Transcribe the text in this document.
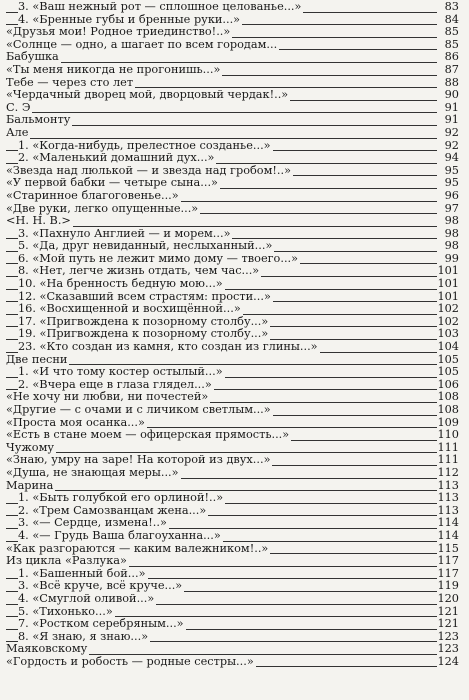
3. «Ваш нежный рот — сплошное целованье...»	83
4. «Бренные губы и бренные руки...»	84
«Друзья мои! Родное триединство!..»	85
«Солнце — одно, а шагает по всем городам...	85
Бабушка	86
«Ты меня никогда не прогонишь...»	87
Тебе — через сто лет	88
«Чердачный дворец мой, дворцовый чердак!..»	90
С. Э	91
Бальмонту	91
Але	92
1. «Когда-нибудь, прелестное созданье...»	92
2. «Маленький домашний дух...»	94
«Звезда над люлькой — и звезда над гробом!..»	95
«У первой бабки — четыре сына...»	95
«Старинное благоговенье...»	96
«Две руки, легко опущенные...»	97
<Н. Н. В.>	98
3. «Пахнуло Англией — и морем...»	98
5. «Да, друг невиданный, неслыханный...»	98
6. «Мой путь не лежит мимо дому — твоего...»	99
8. «Нет, легче жизнь отдать, чем час...»	101
10. «На бренность бедную мою...»	101
12. «Сказавший всем страстям: прости...»	101
16. «Восхищенной и восхищённой...»	102
17. «Пригвождена к позорному столбу...»	102
19. «Пригвождена к позорному столбу...»	103
23. «Кто создан из камня, кто создан из глины...»	104
Две песни	105
1. «И что тому костер остылый...»	105
2. «Вчера еще в глаза глядел...»	106
«Не хочу ни любви, ни почестей»	108
«Другие — с очами и с личиком светлым...»	108
«Проста моя осанка...»	109
«Есть в стане моем — офицерская прямость...»	110
Чужому	111
«Знаю, умру на заре! На которой из двух...»	111
«Душа, не знающая меры...»	112
Марина	113
1. «Быть голубкой его орлиной!..»	113
2. «Трем Самозванцам жена...»	113
3. «— Сердце, измена!..»	114
4. «— Грудь Ваша благоуханна...»	114
«Как разгораются — каким валежником!..»	115
Из цикла «Разлука»	117
1. «Башенный бой...»	117
3. «Всё круче, всё круче...»	119
4. «Смуглой оливой...»	120
5. «Тихонько...»	121
7. «Ростком серебряным...»	121
8. «Я знаю, я знаю...»	123
Маяковскому	123
«Гордость и робость — родные сестры...»	124
